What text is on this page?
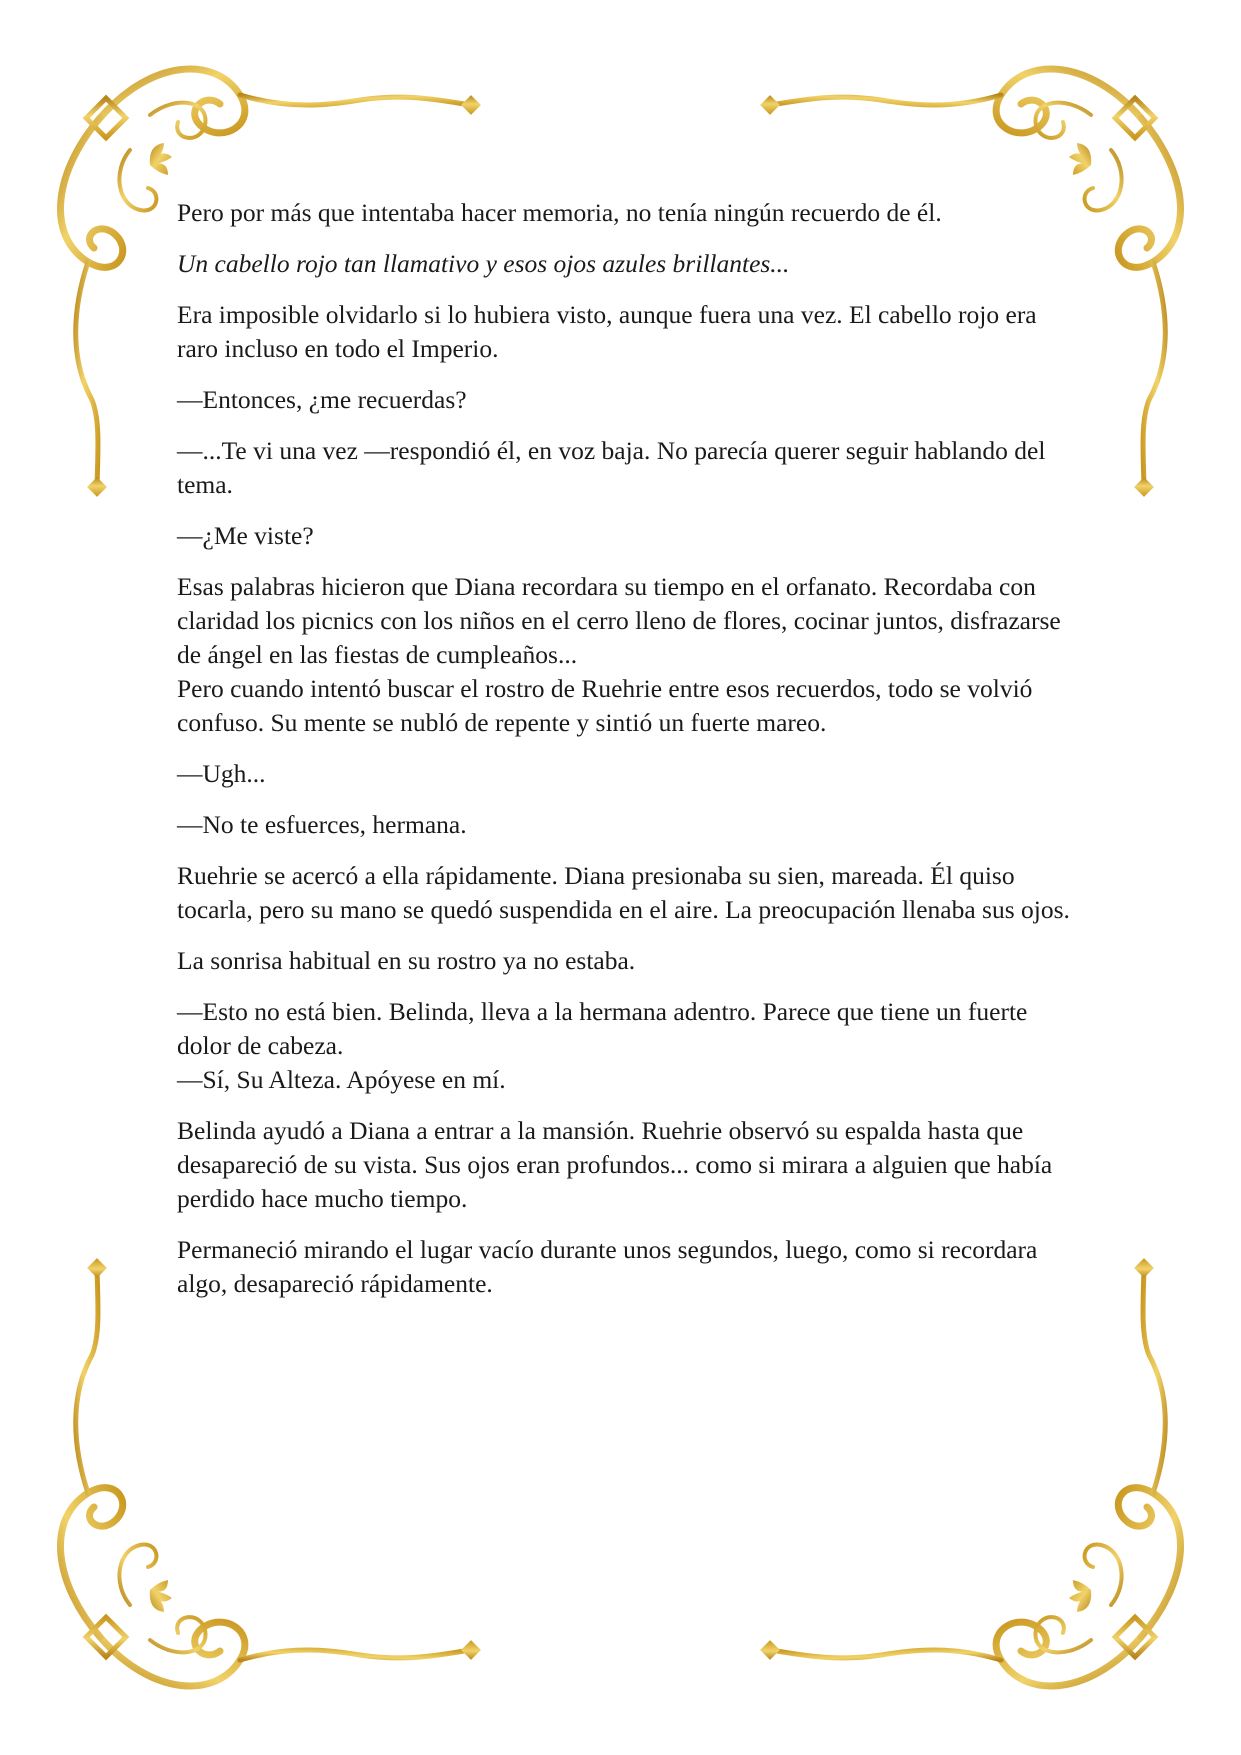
Pero por más que intentaba hacer memoria, no tenía ningún recuerdo de él.

Un cabello rojo tan llamativo y esos ojos azules brillantes...

Era imposible olvidarlo si lo hubiera visto, aunque fuera una vez. El cabello rojo era raro incluso en todo el Imperio.

—Entonces, ¿me recuerdas?

—...Te vi una vez —respondió él, en voz baja. No parecía querer seguir hablando del tema.

—¿Me viste?

Esas palabras hicieron que Diana recordara su tiempo en el orfanato. Recordaba con claridad los picnics con los niños en el cerro lleno de flores, cocinar juntos, disfrazarse de ángel en las fiestas de cumpleaños...

Pero cuando intentó buscar el rostro de Ruehrie entre esos recuerdos, todo se volvió confuso. Su mente se nubló de repente y sintió un fuerte mareo.

—Ugh...

—No te esfuerces, hermana.

Ruehrie se acercó a ella rápidamente. Diana presionaba su sien, mareada. Él quiso tocarla, pero su mano se quedó suspendida en el aire. La preocupación llenaba sus ojos.

La sonrisa habitual en su rostro ya no estaba.

—Esto no está bien. Belinda, lleva a la hermana adentro. Parece que tiene un fuerte dolor de cabeza.

—Sí, Su Alteza. Apóyese en mí.

Belinda ayudó a Diana a entrar a la mansión. Ruehrie observó su espalda hasta que desapareció de su vista. Sus ojos eran profundos... como si mirara a alguien que había perdido hace mucho tiempo.

Permaneció mirando el lugar vacío durante unos segundos, luego, como si recordara algo, desapareció rápidamente.
